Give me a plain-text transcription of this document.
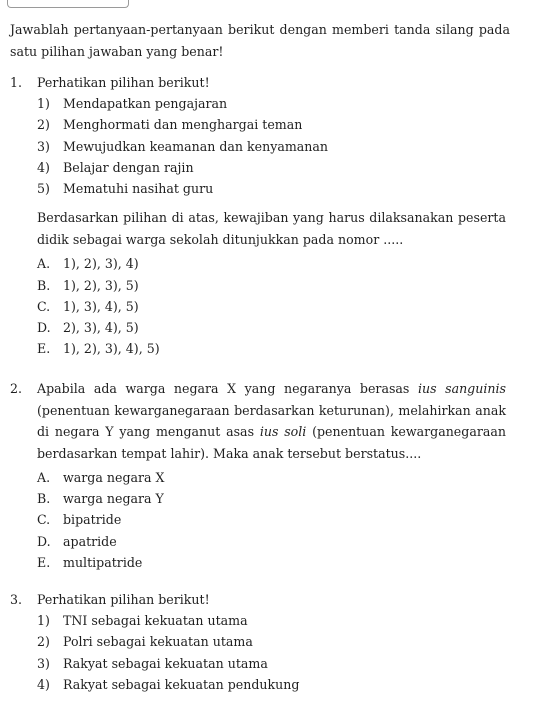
Jawablah pertanyaan-pertanyaan berikut dengan memberi tanda silang pada satu pilihan jawaban yang benar!
1. Perhatikan pilihan berikut!
1) Mendapatkan pengajaran
2) Menghormati dan menghargai teman
3) Mewujudkan keamanan dan kenyamanan
4) Belajar dengan rajin
5) Mematuhi nasihat guru
Berdasarkan pilihan di atas, kewajiban yang harus dilaksanakan peserta didik sebagai warga sekolah ditunjukkan pada nomor .....
A. 1), 2), 3), 4)
B. 1), 2), 3), 5)
C. 1), 3), 4), 5)
D. 2), 3), 4), 5)
E. 1), 2), 3), 4), 5)
2. Apabila ada warga negara X yang negaranya berasas ius sanguinis (penentuan kewarganegaraan berdasarkan keturunan), melahirkan anak di negara Y yang menganut asas ius soli (penentuan kewarganegaraan berdasarkan tempat lahir). Maka anak tersebut berstatus....
A. warga negara X
B. warga negara Y
C. bipatride
D. apatride
E. multipatride
3. Perhatikan pilihan berikut!
1) TNI sebagai kekuatan utama
2) Polri sebagai kekuatan utama
3) Rakyat sebagai kekuatan utama
4) Rakyat sebagai kekuatan pendukung
